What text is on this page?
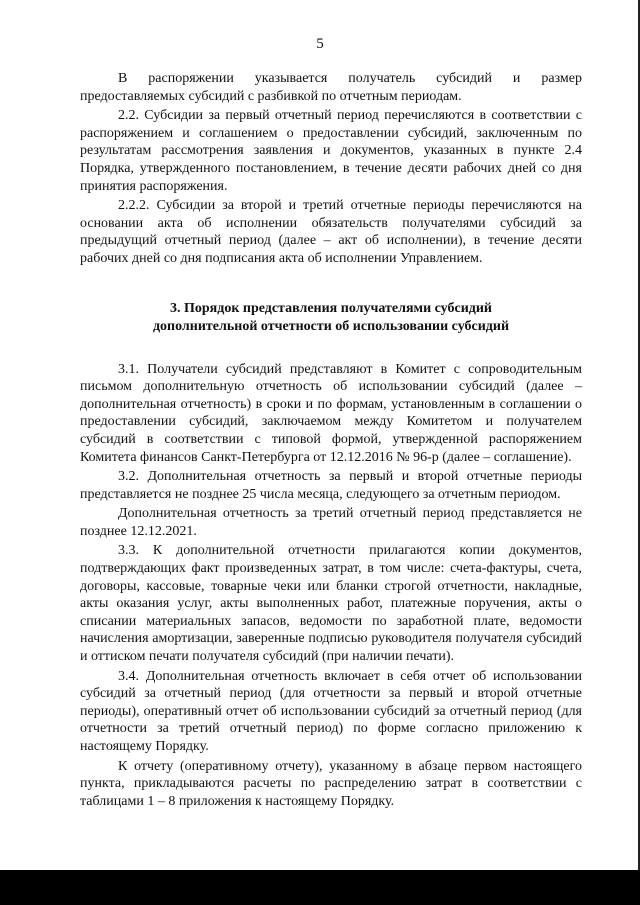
5

В распоряжении указывается получатель субсидий и размер предоставляемых субсидий с разбивкой по отчетным периодам.

2.2. Субсидии за первый отчетный период перечисляются в соответствии с распоряжением и соглашением о предоставлении субсидий, заключенным по результатам рассмотрения заявления и документов, указанных в пункте 2.4 Порядка, утвержденного постановлением, в течение десяти рабочих дней со дня принятия распоряжения.

2.2.2. Субсидии за второй и третий отчетные периоды перечисляются на основании акта об исполнении обязательств получателями субсидий за предыдущий отчетный период (далее – акт об исполнении), в течение десяти рабочих дней со дня подписания акта об исполнении Управлением.

3. Порядок представления получателями субсидий
дополнительной отчетности об использовании субсидий

3.1. Получатели субсидий представляют в Комитет с сопроводительным письмом дополнительную отчетность об использовании субсидий (далее – дополнительная отчетность) в сроки и по формам, установленным в соглашении о предоставлении субсидий, заключаемом между Комитетом и получателем субсидий в соответствии с типовой формой, утвержденной распоряжением Комитета финансов Санкт-Петербурга от 12.12.2016 № 96-р (далее – соглашение).

3.2. Дополнительная отчетность за первый и второй отчетные периоды представляется не позднее 25 числа месяца, следующего за отчетным периодом.

Дополнительная отчетность за третий отчетный период представляется не позднее 12.12.2021.

3.3. К дополнительной отчетности прилагаются копии документов, подтверждающих факт произведенных затрат, в том числе: счета-фактуры, счета, договоры, кассовые, товарные чеки или бланки строгой отчетности, накладные, акты оказания услуг, акты выполненных работ, платежные поручения, акты о списании материальных запасов, ведомости по заработной плате, ведомости начисления амортизации, заверенные подписью руководителя получателя субсидий и оттиском печати получателя субсидий (при наличии печати).

3.4. Дополнительная отчетность включает в себя отчет об использовании субсидий за отчетный период (для отчетности за первый и второй отчетные периоды), оперативный отчет об использовании субсидий за отчетный период (для отчетности за третий отчетный период) по форме согласно приложению к настоящему Порядку.

К отчету (оперативному отчету), указанному в абзаце первом настоящего пункта, прикладываются расчеты по распределению затрат в соответствии с таблицами 1 – 8 приложения к настоящему Порядку.
